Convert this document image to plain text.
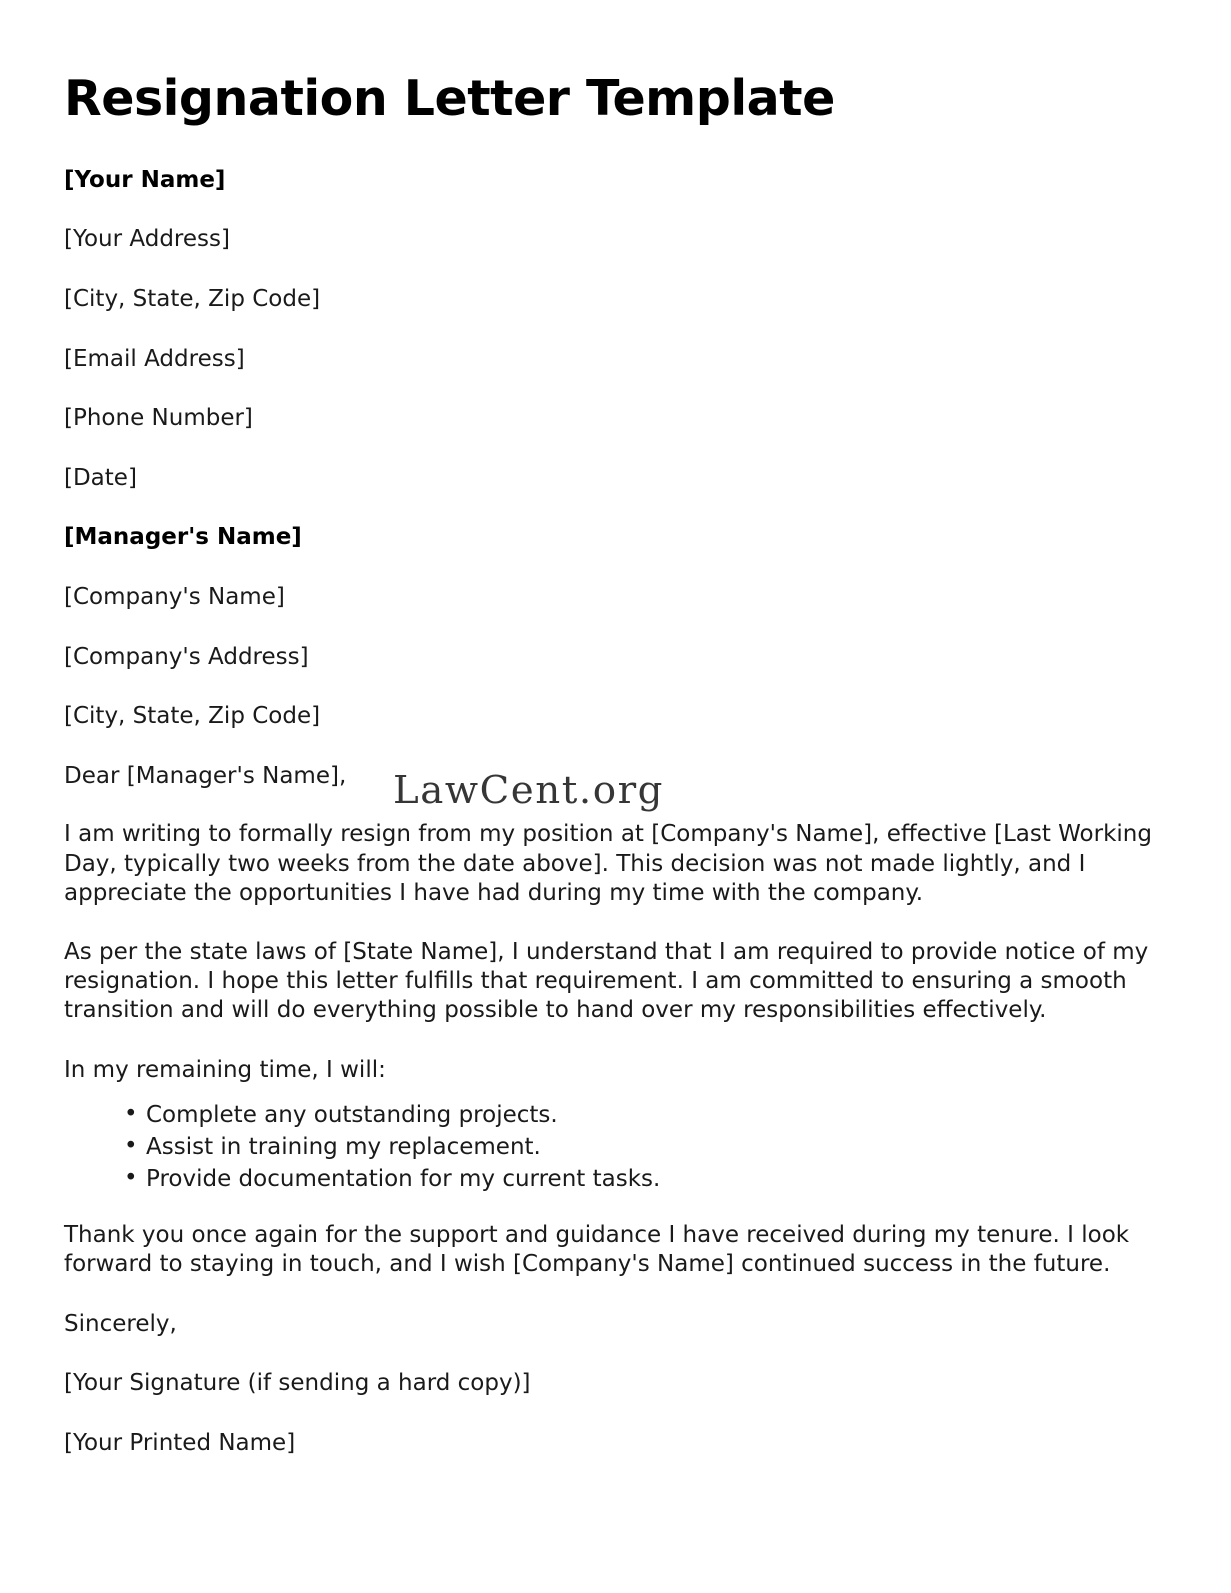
Resignation Letter Template

[Your Name]

[Your Address]

[City, State, Zip Code]

[Email Address]

[Phone Number]

[Date]

[Manager's Name]

[Company's Name]

[Company's Address]

[City, State, Zip Code]

Dear [Manager's Name],

I am writing to formally resign from my position at [Company's Name], effective [Last Working Day, typically two weeks from the date above]. This decision was not made lightly, and I appreciate the opportunities I have had during my time with the company.

As per the state laws of [State Name], I understand that I am required to provide notice of my resignation. I hope this letter fulfills that requirement. I am committed to ensuring a smooth transition and will do everything possible to hand over my responsibilities effectively.

In my remaining time, I will:

• Complete any outstanding projects.
• Assist in training my replacement.
• Provide documentation for my current tasks.

Thank you once again for the support and guidance I have received during my tenure. I look forward to staying in touch, and I wish [Company's Name] continued success in the future.

Sincerely,

[Your Signature (if sending a hard copy)]

[Your Printed Name]

LawCent.org
